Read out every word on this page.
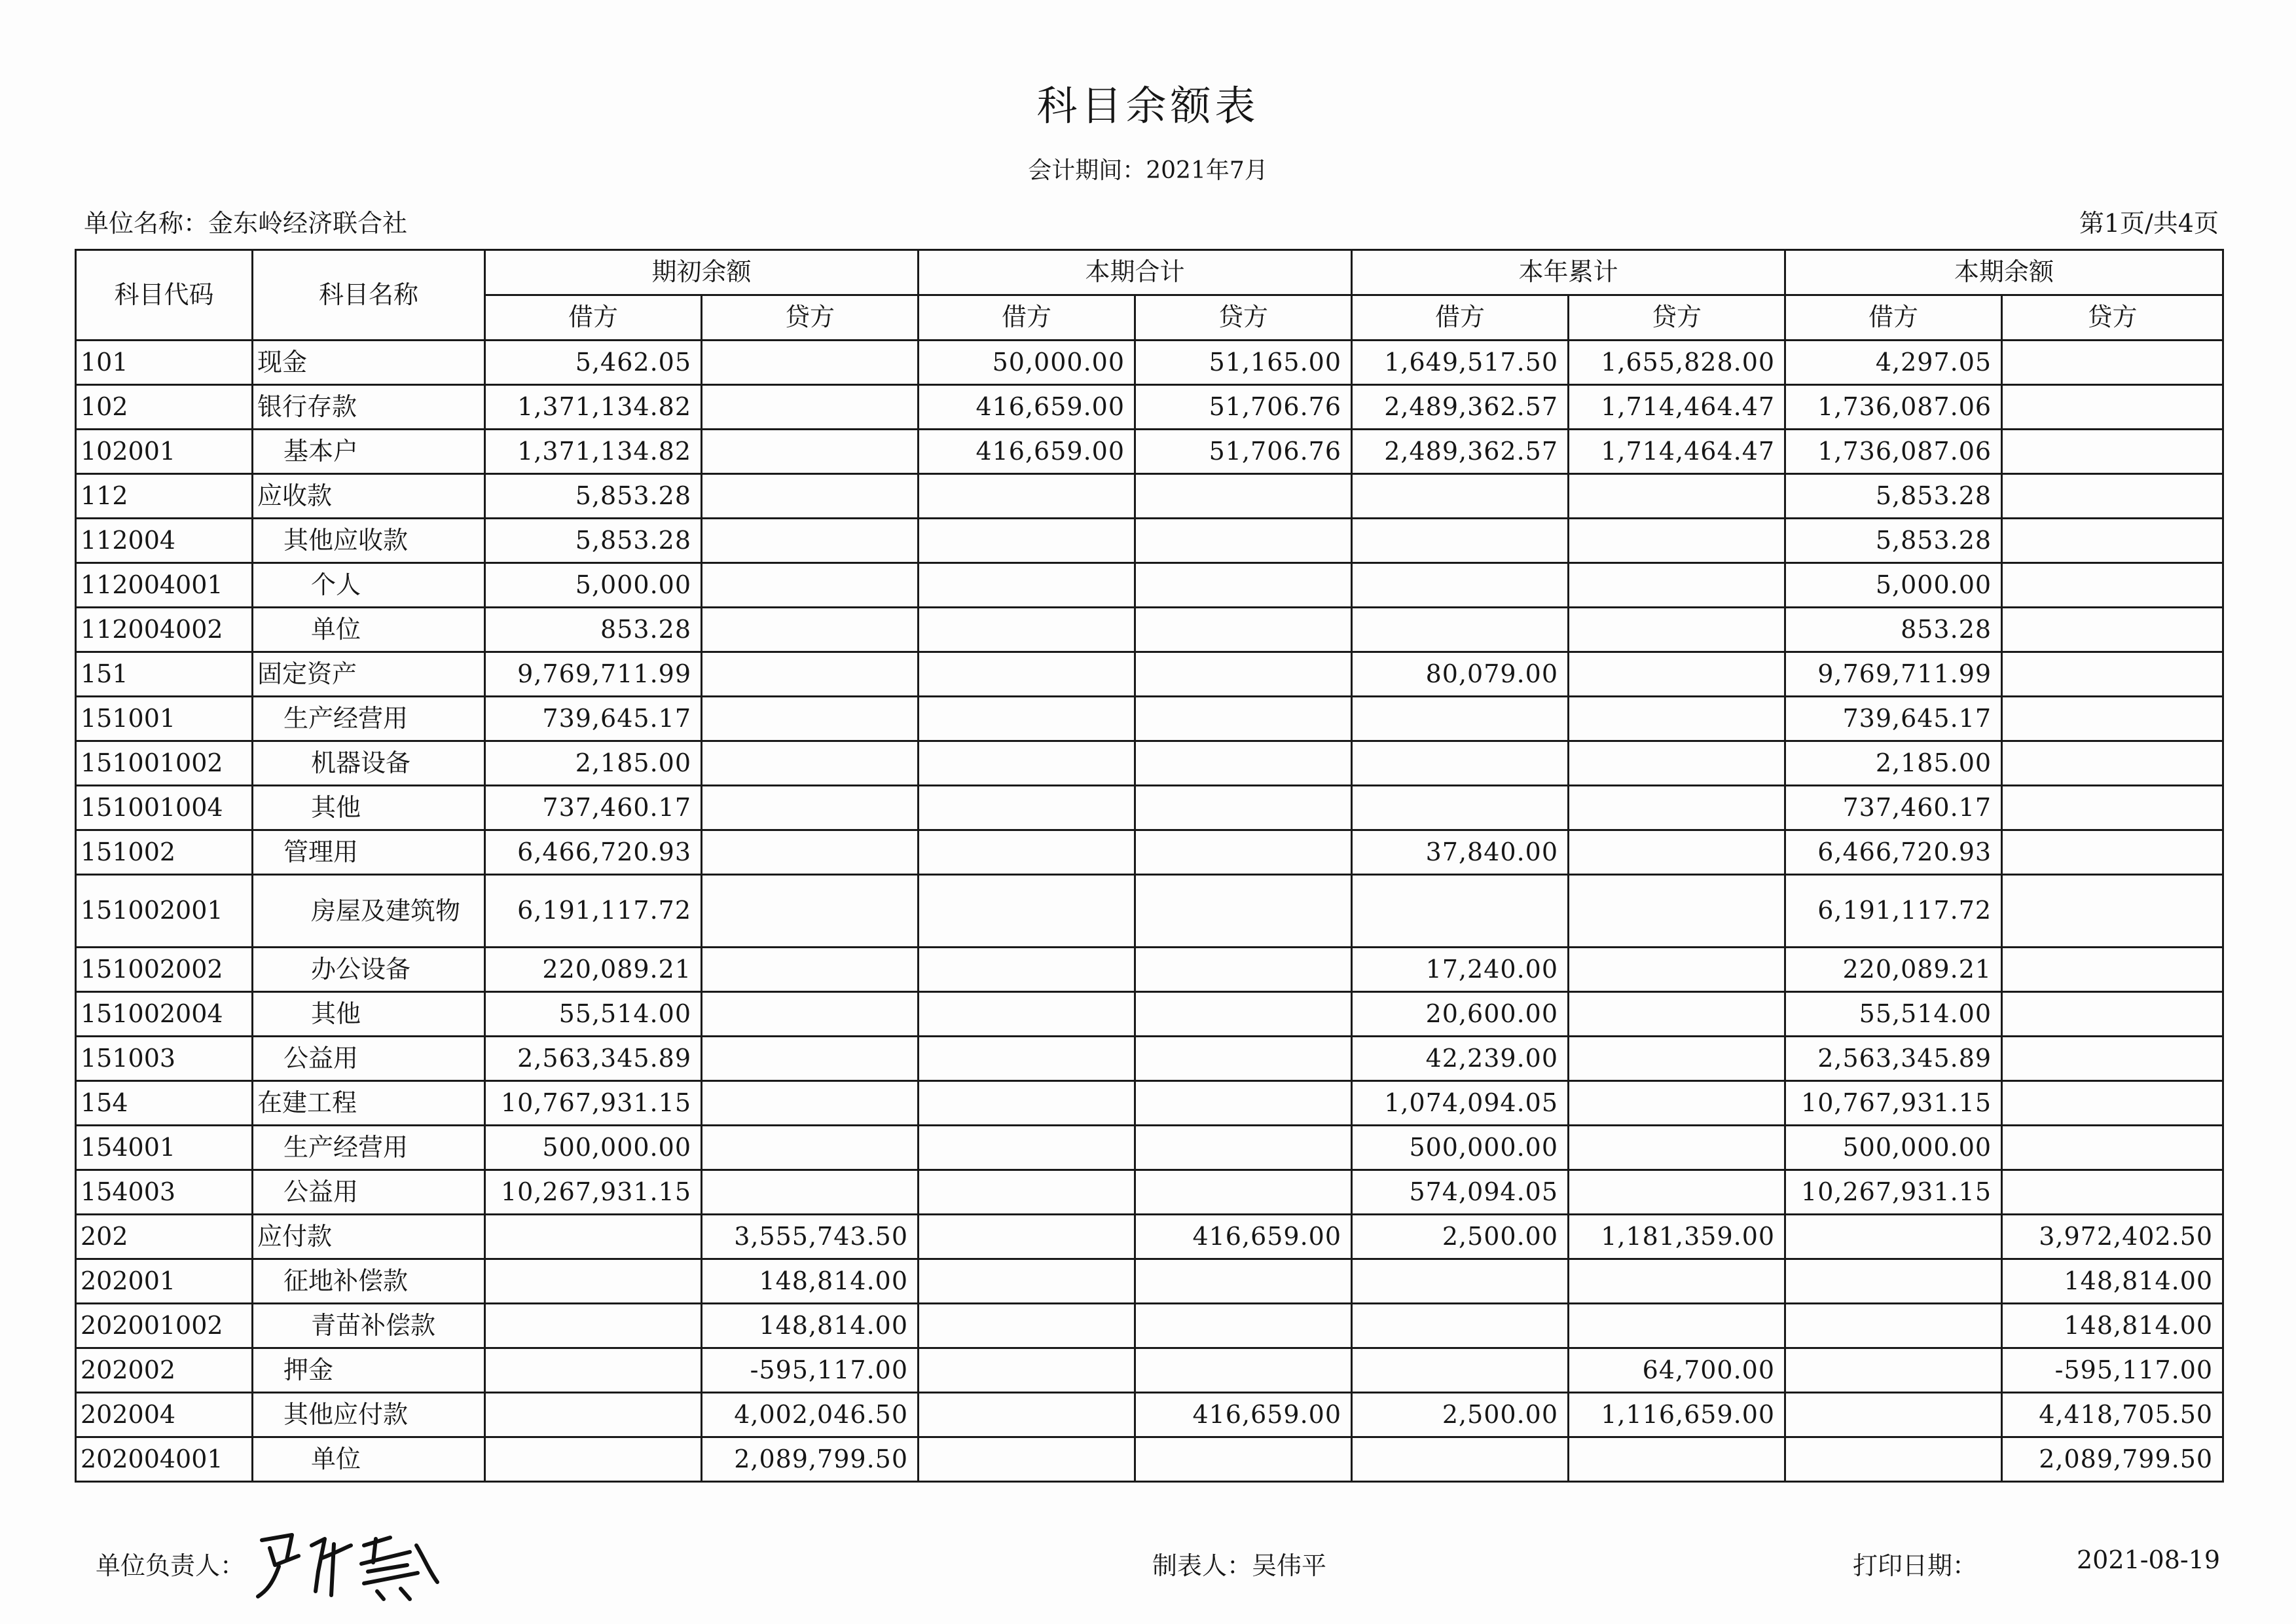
科目余额表
会计期间：2021年7月
单位名称：金东岭经济联合社	第1页/共4页
科目代码	科目名称	期初余额		本期合计		本年累计		本期余额	
		借方	贷方	借方	贷方	借方	贷方	借方	贷方
101	现金	5,462.05		50,000.00	51,165.00	1,649,517.50	1,655,828.00	4,297.05	
102	银行存款	1,371,134.82		416,659.00	51,706.76	2,489,362.57	1,714,464.47	1,736,087.06	
102001	基本户	1,371,134.82		416,659.00	51,706.76	2,489,362.57	1,714,464.47	1,736,087.06	
112	应收款	5,853.28						5,853.28	
112004	其他应收款	5,853.28						5,853.28	
112004001	个人	5,000.00						5,000.00	
112004002	单位	853.28						853.28	
151	固定资产	9,769,711.99				80,079.00		9,769,711.99	
151001	生产经营用	739,645.17						739,645.17	
151001002	机器设备	2,185.00						2,185.00	
151001004	其他	737,460.17						737,460.17	
151002	管理用	6,466,720.93				37,840.00		6,466,720.93	
151002001	房屋及建筑物	6,191,117.72						6,191,117.72	
151002002	办公设备	220,089.21				17,240.00		220,089.21	
151002004	其他	55,514.00				20,600.00		55,514.00	
151003	公益用	2,563,345.89				42,239.00		2,563,345.89	
154	在建工程	10,767,931.15				1,074,094.05		10,767,931.15	
154001	生产经营用	500,000.00				500,000.00		500,000.00	
154003	公益用	10,267,931.15				574,094.05		10,267,931.15	
202	应付款		3,555,743.50		416,659.00	2,500.00	1,181,359.00		3,972,402.50
202001	征地补偿款		148,814.00						148,814.00
202001002	青苗补偿款		148,814.00						148,814.00
202002	押金		-595,117.00				64,700.00		-595,117.00
202004	其他应付款		4,002,046.50		416,659.00	2,500.00	1,116,659.00		4,418,705.50
202004001	单位		2,089,799.50						2,089,799.50
单位负责人：	制表人：吴伟平	打印日期：	2021-08-19
